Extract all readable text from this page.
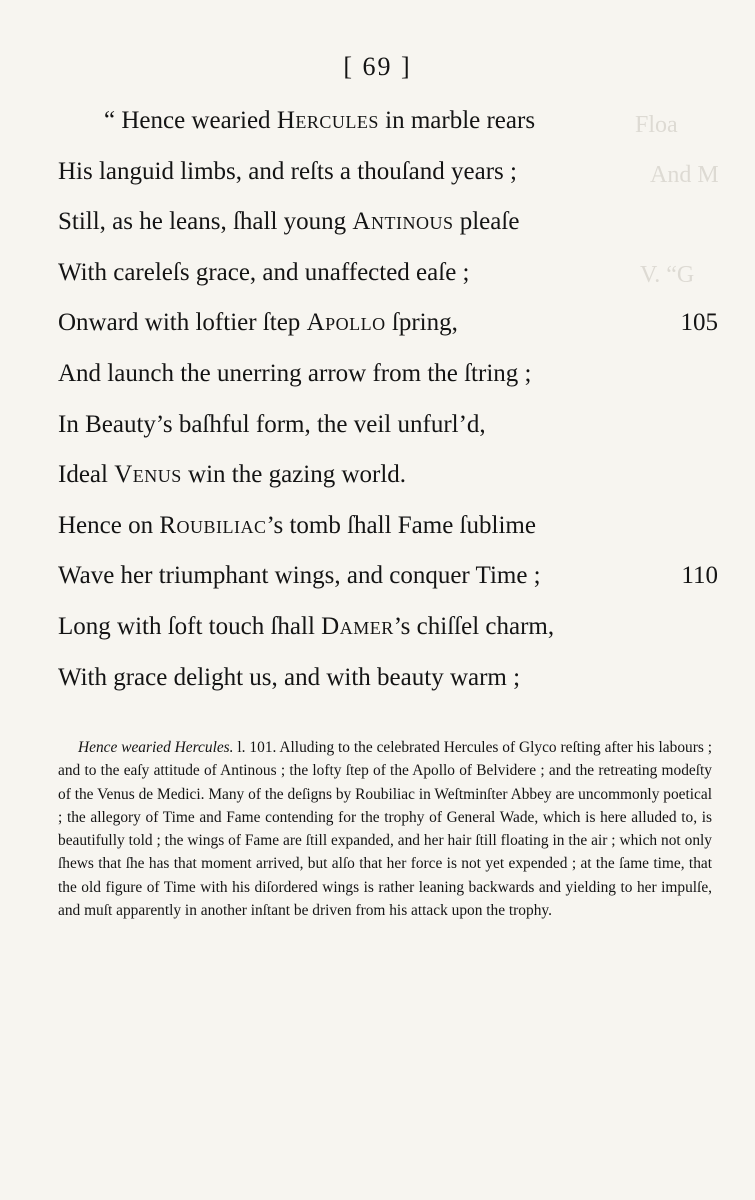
Floa
And M
V. “G
[ 69 ]
“ Hence wearied Hercules in marble rears
His languid limbs, and reſts a thouſand years ;
Still, as he leans, ſhall young Antinous pleaſe
With careleſs grace, and unaffected eaſe ;
Onward with loftier ſtep Apollo ſpring,	105
And launch the unerring arrow from the ſtring ;
In Beauty’s baſhful form, the veil unfurl’d,
Ideal Venus win the gazing world.
Hence on Roubiliac’s tomb ſhall Fame ſublime
Wave her triumphant wings, and conquer Time ;	110
Long with ſoft touch ſhall Damer’s chiſſel charm,
With grace delight us, and with beauty warm ;
Hence wearied Hercules. l. 101. Alluding to the celebrated Hercules of Glyco reſting after his labours ; and to the eaſy attitude of Antinous ; the lofty ſtep of the Apollo of Belvidere ; and the retreating modeſty of the Venus de Medici. Many of the deſigns by Roubiliac in Weſtminſter Abbey are uncommonly poetical ; the allegory of Time and Fame contending for the trophy of General Wade, which is here alluded to, is beautifully told ; the wings of Fame are ſtill expanded, and her hair ſtill floating in the air ; which not only ſhews that ſhe has that moment arrived, but alſo that her force is not yet expended ; at the ſame time, that the old figure of Time with his diſordered wings is rather leaning backwards and yielding to her impulſe, and muſt apparently in another inſtant be driven from his attack upon the trophy.
